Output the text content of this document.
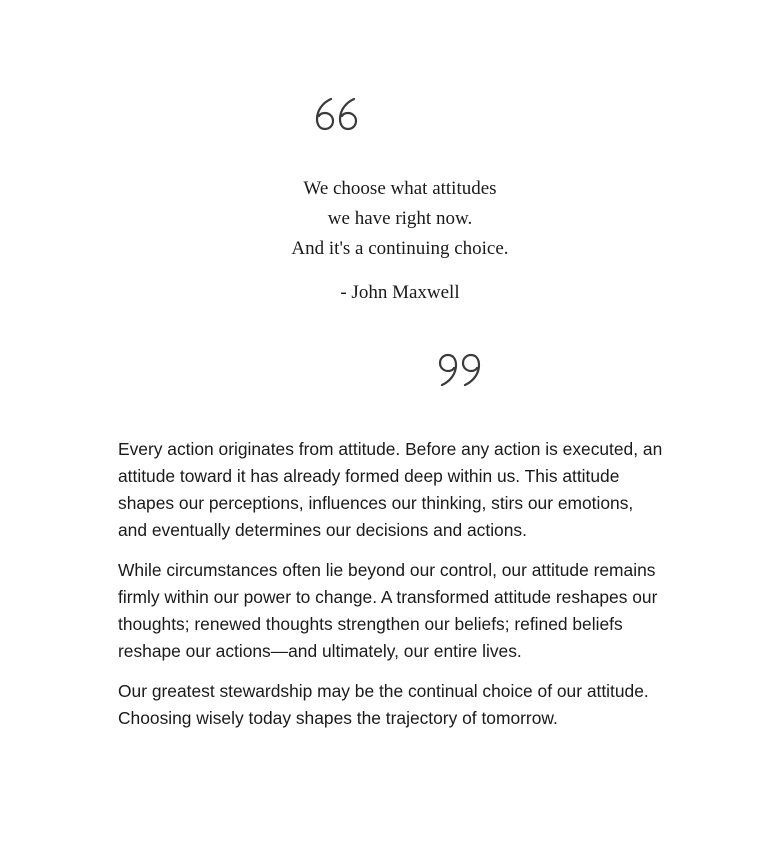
We choose what attitudes
we have right now.
And it's a continuing choice.

- John Maxwell

Every action originates from attitude. Before any action is executed, an
attitude toward it has already formed deep within us. This attitude
shapes our perceptions, influences our thinking, stirs our emotions,
and eventually determines our decisions and actions.

While circumstances often lie beyond our control, our attitude remains
firmly within our power to change. A transformed attitude reshapes our
thoughts; renewed thoughts strengthen our beliefs; refined beliefs
reshape our actions—and ultimately, our entire lives.

Our greatest stewardship may be the continual choice of our attitude.
Choosing wisely today shapes the trajectory of tomorrow.
